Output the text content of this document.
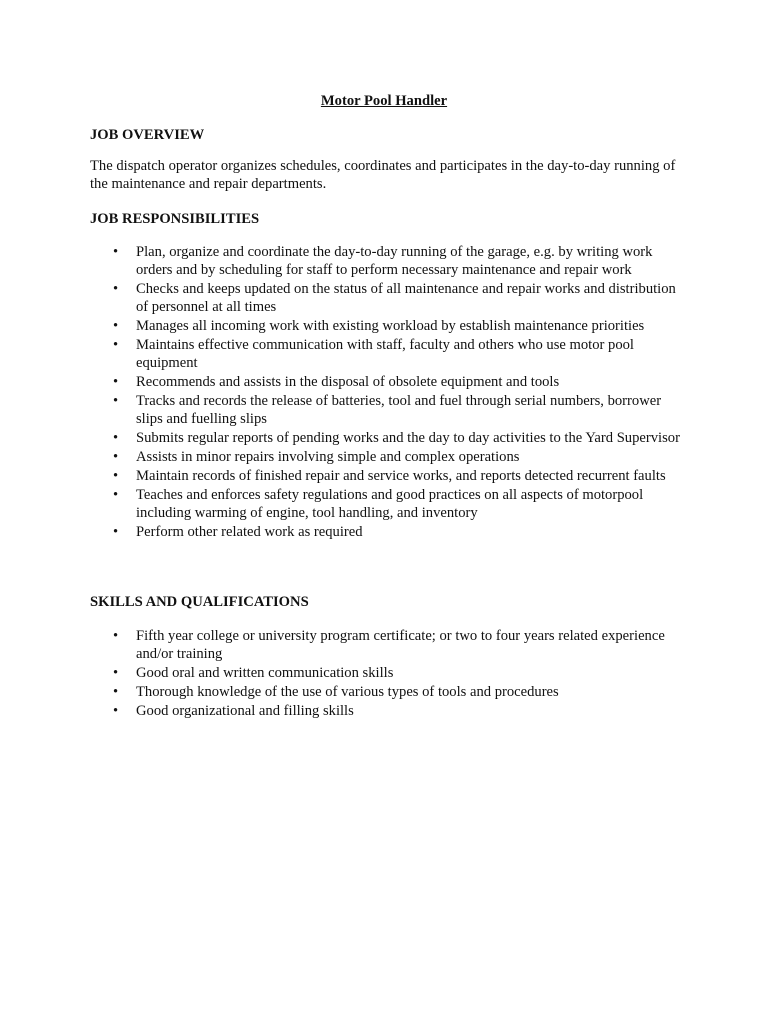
Motor Pool Handler
JOB OVERVIEW

The dispatch operator organizes schedules, coordinates and participates in the day-to-day running of the maintenance and repair departments.

JOB RESPONSIBILITIES
• Plan, organize and coordinate the day-to-day running of the garage, e.g. by writing work orders and by scheduling for staff to perform necessary maintenance and repair work
• Checks and keeps updated on the status of all maintenance and repair works and distribution of personnel at all times
• Manages all incoming work with existing workload by establish maintenance priorities
• Maintains effective communication with staff, faculty and others who use motor pool equipment
• Recommends and assists in the disposal of obsolete equipment and tools
• Tracks and records the release of batteries, tool and fuel through serial numbers, borrower slips and fuelling slips
• Submits regular reports of pending works and the day to day activities to the Yard Supervisor
• Assists in minor repairs involving simple and complex operations
• Maintain records of finished repair and service works, and reports detected recurrent faults
• Teaches and enforces safety regulations and good practices on all aspects of motorpool including warming of engine, tool handling, and inventory
• Perform other related work as required
SKILLS AND QUALIFICATIONS
• Fifth year college or university program certificate; or two to four years related experience and/or training
• Good oral and written communication skills
• Thorough knowledge of the use of various types of tools and procedures
• Good organizational and filling skills
